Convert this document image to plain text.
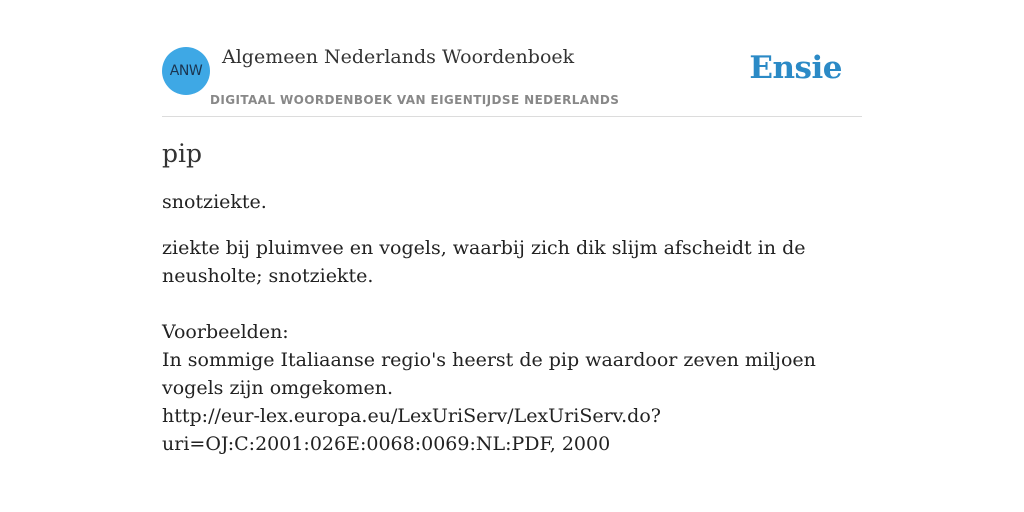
ANW
Algemeen Nederlands Woordenboek
DIGITAAL WOORDENBOEK VAN EIGENTIJDSE NEDERLANDS
Ensie
pip
snotziekte.
ziekte bij pluimvee en vogels, waarbij zich dik slijm afscheidt in de neusholte; snotziekte.
Voorbeelden:
In sommige Italiaanse regio's heerst de pip waardoor zeven miljoen vogels zijn omgekomen.
http://eur-lex.europa.eu/LexUriServ/LexUriServ.do?
uri=OJ:C:2001:026E:0068:0069:NL:PDF, 2000
